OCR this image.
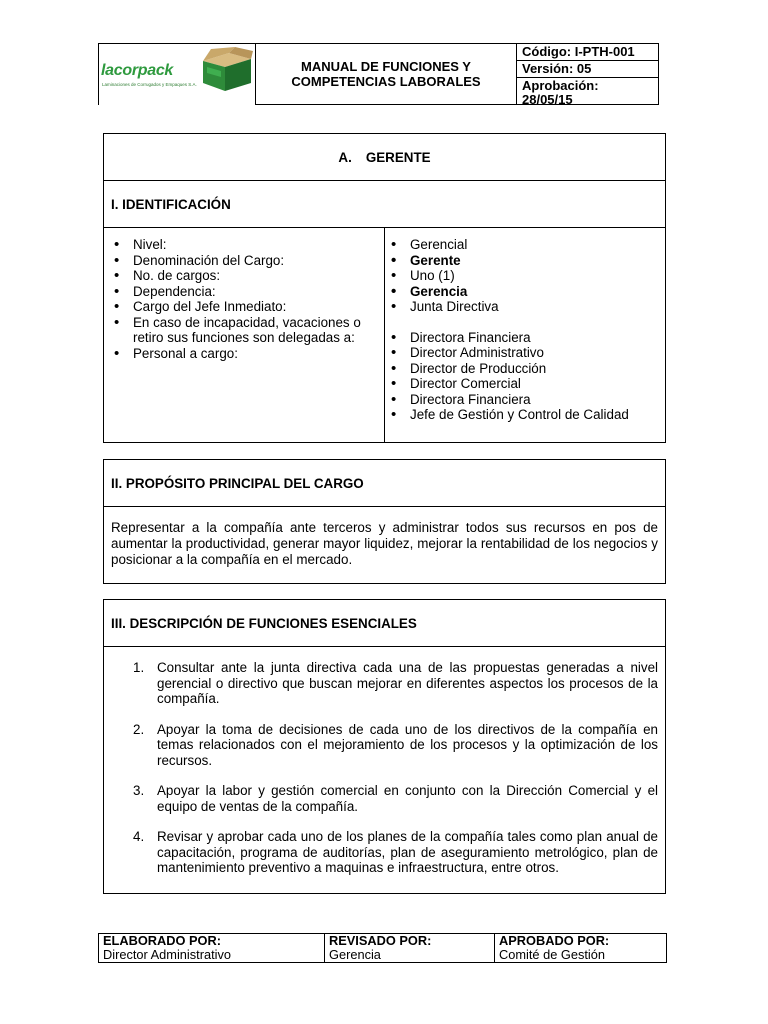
lacorpack
Laminaciones de Corrugados y Empaques S.A.
MANUAL DE FUNCIONES Y
COMPETENCIAS LABORALES
Código: I-PTH-001
Versión: 05
Aprobación:
28/05/15
A. GERENTE
I. IDENTIFICACIÓN
• Nivel:
• Denominación del Cargo:
• No. de cargos:
• Dependencia:
• Cargo del Jefe Inmediato:
• En caso de incapacidad, vacaciones o retiro sus funciones son delegadas a:
• Personal a cargo:
• Gerencial
• Gerente
• Uno (1)
• Gerencia
• Junta Directiva
• Directora Financiera
• Director Administrativo
• Director de Producción
• Director Comercial
• Directora Financiera
• Jefe de Gestión y Control de Calidad
II. PROPÓSITO PRINCIPAL DEL CARGO
Representar a la compañía ante terceros y administrar todos sus recursos en pos de aumentar la productividad, generar mayor liquidez, mejorar la rentabilidad de los negocios y posicionar a la compañía en el mercado.
III. DESCRIPCIÓN DE FUNCIONES ESENCIALES
1. Consultar ante la junta directiva cada una de las propuestas generadas a nivel gerencial o directivo que buscan mejorar en diferentes aspectos los procesos de la compañía.
2. Apoyar la toma de decisiones de cada uno de los directivos de la compañía en temas relacionados con el mejoramiento de los procesos y la optimización de los recursos.
3. Apoyar la labor y gestión comercial en conjunto con la Dirección Comercial y el equipo de ventas de la compañía.
4. Revisar y aprobar cada uno de los planes de la compañía tales como plan anual de capacitación, programa de auditorías, plan de aseguramiento metrológico, plan de mantenimiento preventivo a maquinas e infraestructura, entre otros.
ELABORADO POR:
Director Administrativo
REVISADO POR:
Gerencia
APROBADO POR:
Comité de Gestión
